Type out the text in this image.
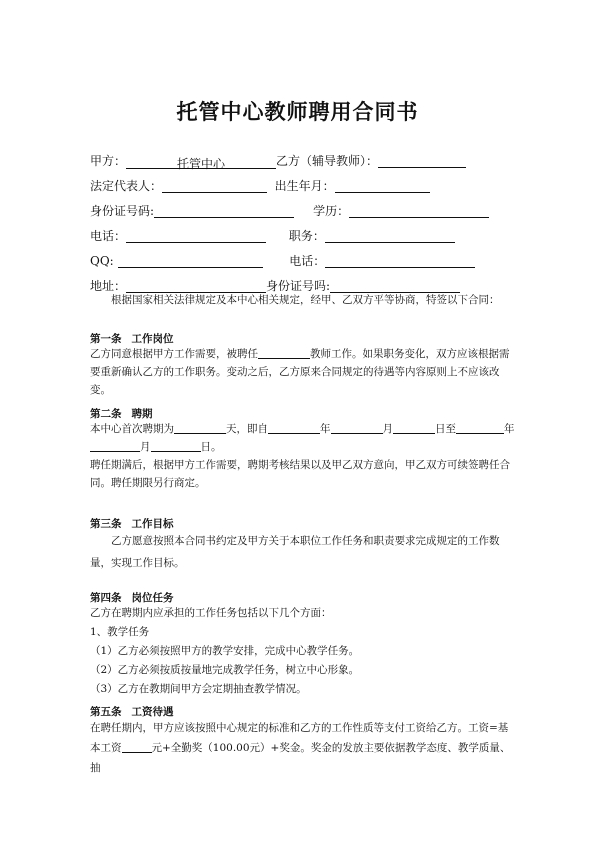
托管中心教师聘用合同书
甲方：	托管中心	乙方（辅导教师）：
法定代表人：	出生年月：
身份证号码:	学历：
电话：	职务：
QQ:	电话：
地址：	身份证号吗:
根据国家相关法律规定及本中心相关规定，经甲、乙双方平等协商，特签以下合同：
第一条 工作岗位
乙方同意根据甲方工作需要，被聘任	教师工作。如果职务变化，双方应该根据需要重新确认乙方的工作职务。变动之后，乙方原来合同规定的待遇等内容原则上不应该改变。
第二条 聘期
本中心首次聘期为	天，即自	年	月	日至	年
月	日。
聘任期满后，根据甲方工作需要，聘期考核结果以及甲乙双方意向，甲乙双方可续签聘任合同。聘任期限另行商定。
第三条 工作目标
乙方愿意按照本合同书约定及甲方关于本职位工作任务和职责要求完成规定的工作数量，实现工作目标。
第四条 岗位任务
乙方在聘期内应承担的工作任务包括以下几个方面：
1、教学任务
（1）乙方必须按照甲方的教学安排，完成中心教学任务。
（2）乙方必须按质按量地完成教学任务，树立中心形象。
（3）乙方在教期间甲方会定期抽查教学情况。
第五条 工资待遇
在聘任期内，甲方应该按照中心规定的标准和乙方的工作性质等支付工资给乙方。工资=基本工资	元+全勤奖（100.00元）+奖金。奖金的发放主要依据教学态度、教学质量、抽
